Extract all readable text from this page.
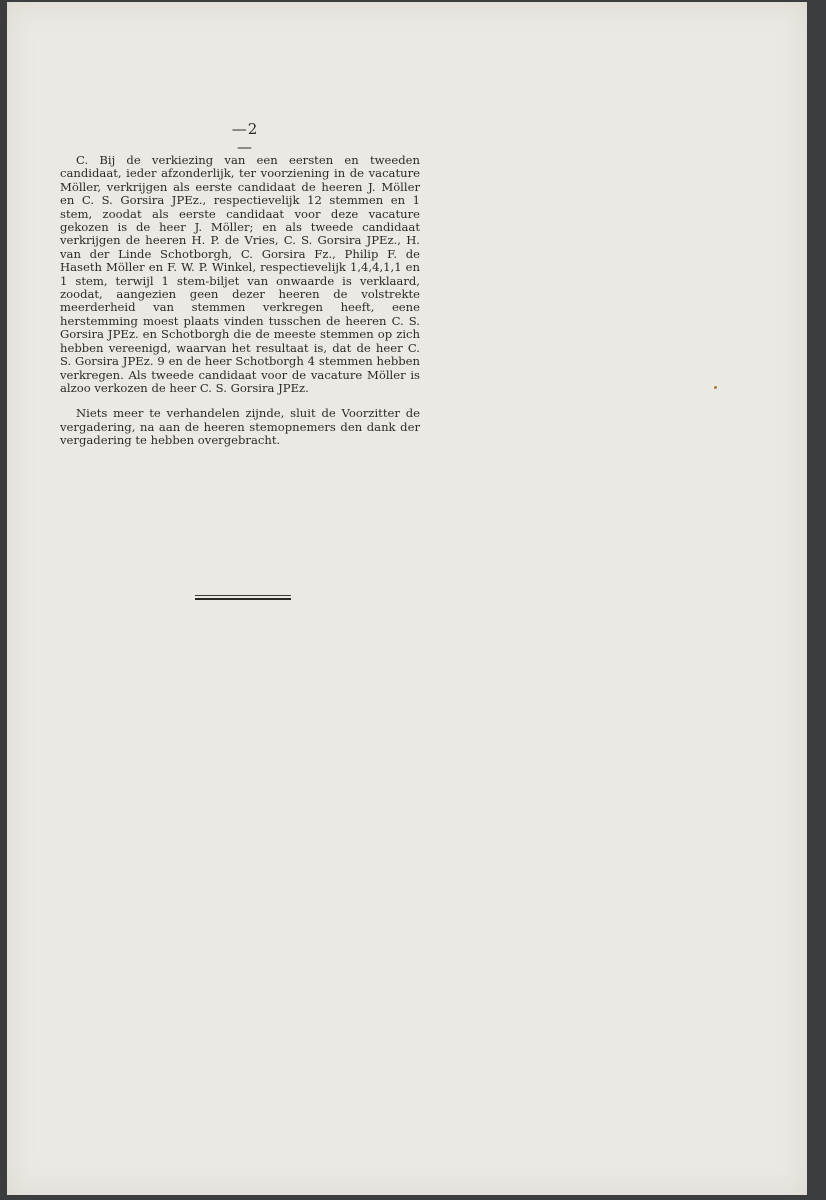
—2—

C. Bij de verkiezing van een eersten en tweeden candidaat, ieder afzonderlijk, ter voorziening in de vacature Möller, verkrijgen als eerste candidaat de heeren J. Möller en C. S. Gorsira JPEz., respectievelijk 12 stemmen en 1 stem, zoodat als eerste candidaat voor deze vacature gekozen is de heer J. Möller; en als tweede candidaat verkrijgen de heeren H. P. de Vries, C. S. Gorsira JPEz., H. van der Linde Schotborgh, C. Gorsira Fz., Philip F. de Haseth Möller en F. W. P. Winkel, respectievelijk 1,4,4,1,1 en 1 stem, terwijl 1 stem-biljet van onwaarde is verklaard, zoodat, aangezien geen dezer heeren de volstrekte meerderheid van stemmen verkregen heeft, eene herstemming moest plaats vinden tusschen de heeren C. S. Gorsira JPEz. en Schotborgh die de meeste stemmen op zich hebben vereenigd, waarvan het resultaat is, dat de heer C. S. Gorsira JPEz. 9 en de heer Schotborgh 4 stemmen hebben verkregen. Als tweede candidaat voor de vacature Möller is alzoo verkozen de heer C. S. Gorsira JPEz.

Niets meer te verhandelen zijnde, sluit de Voorzitter de vergadering, na aan de heeren stemopnemers den dank der vergadering te hebben overgebracht.
